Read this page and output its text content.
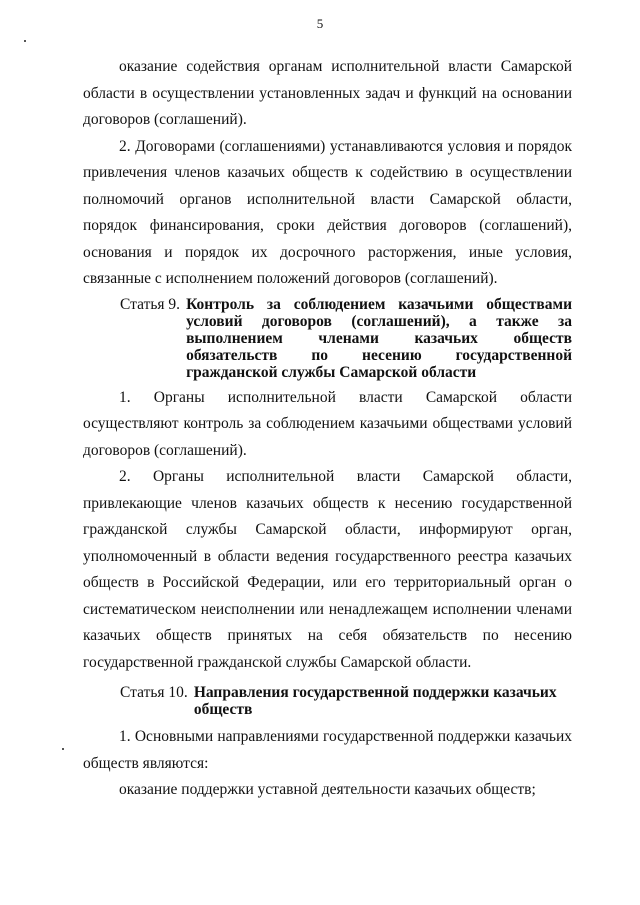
5

оказание содействия органам исполнительной власти Самарской области в осуществлении установленных задач и функций на основании договоров (соглашений).

2. Договорами (соглашениями) устанавливаются условия и порядок привлечения членов казачьих обществ к содействию в осуществлении полномочий органов исполнительной власти Самарской области, порядок финансирования, сроки действия договоров (соглашений), основания и порядок их досрочного расторжения, иные условия, связанные с исполнением положений договоров (соглашений).

Статья 9. Контроль за соблюдением казачьими обществами условий договоров (соглашений), а также за выполнением членами казачьих обществ обязательств по несению государственной гражданской службы Самарской области

1. Органы исполнительной власти Самарской области осуществляют контроль за соблюдением казачьими обществами условий договоров (соглашений).

2. Органы исполнительной власти Самарской области, привлекающие членов казачьих обществ к несению государственной гражданской службы Самарской области, информируют орган, уполномоченный в области ведения государственного реестра казачьих обществ в Российской Федерации, или его территориальный орган о систематическом неисполнении или ненадлежащем исполнении членами казачьих обществ принятых на себя обязательств по несению государственной гражданской службы Самарской области.

Статья 10. Направления государственной поддержки казачьих обществ

1. Основными направлениями государственной поддержки казачьих обществ являются:

оказание поддержки уставной деятельности казачьих обществ;
